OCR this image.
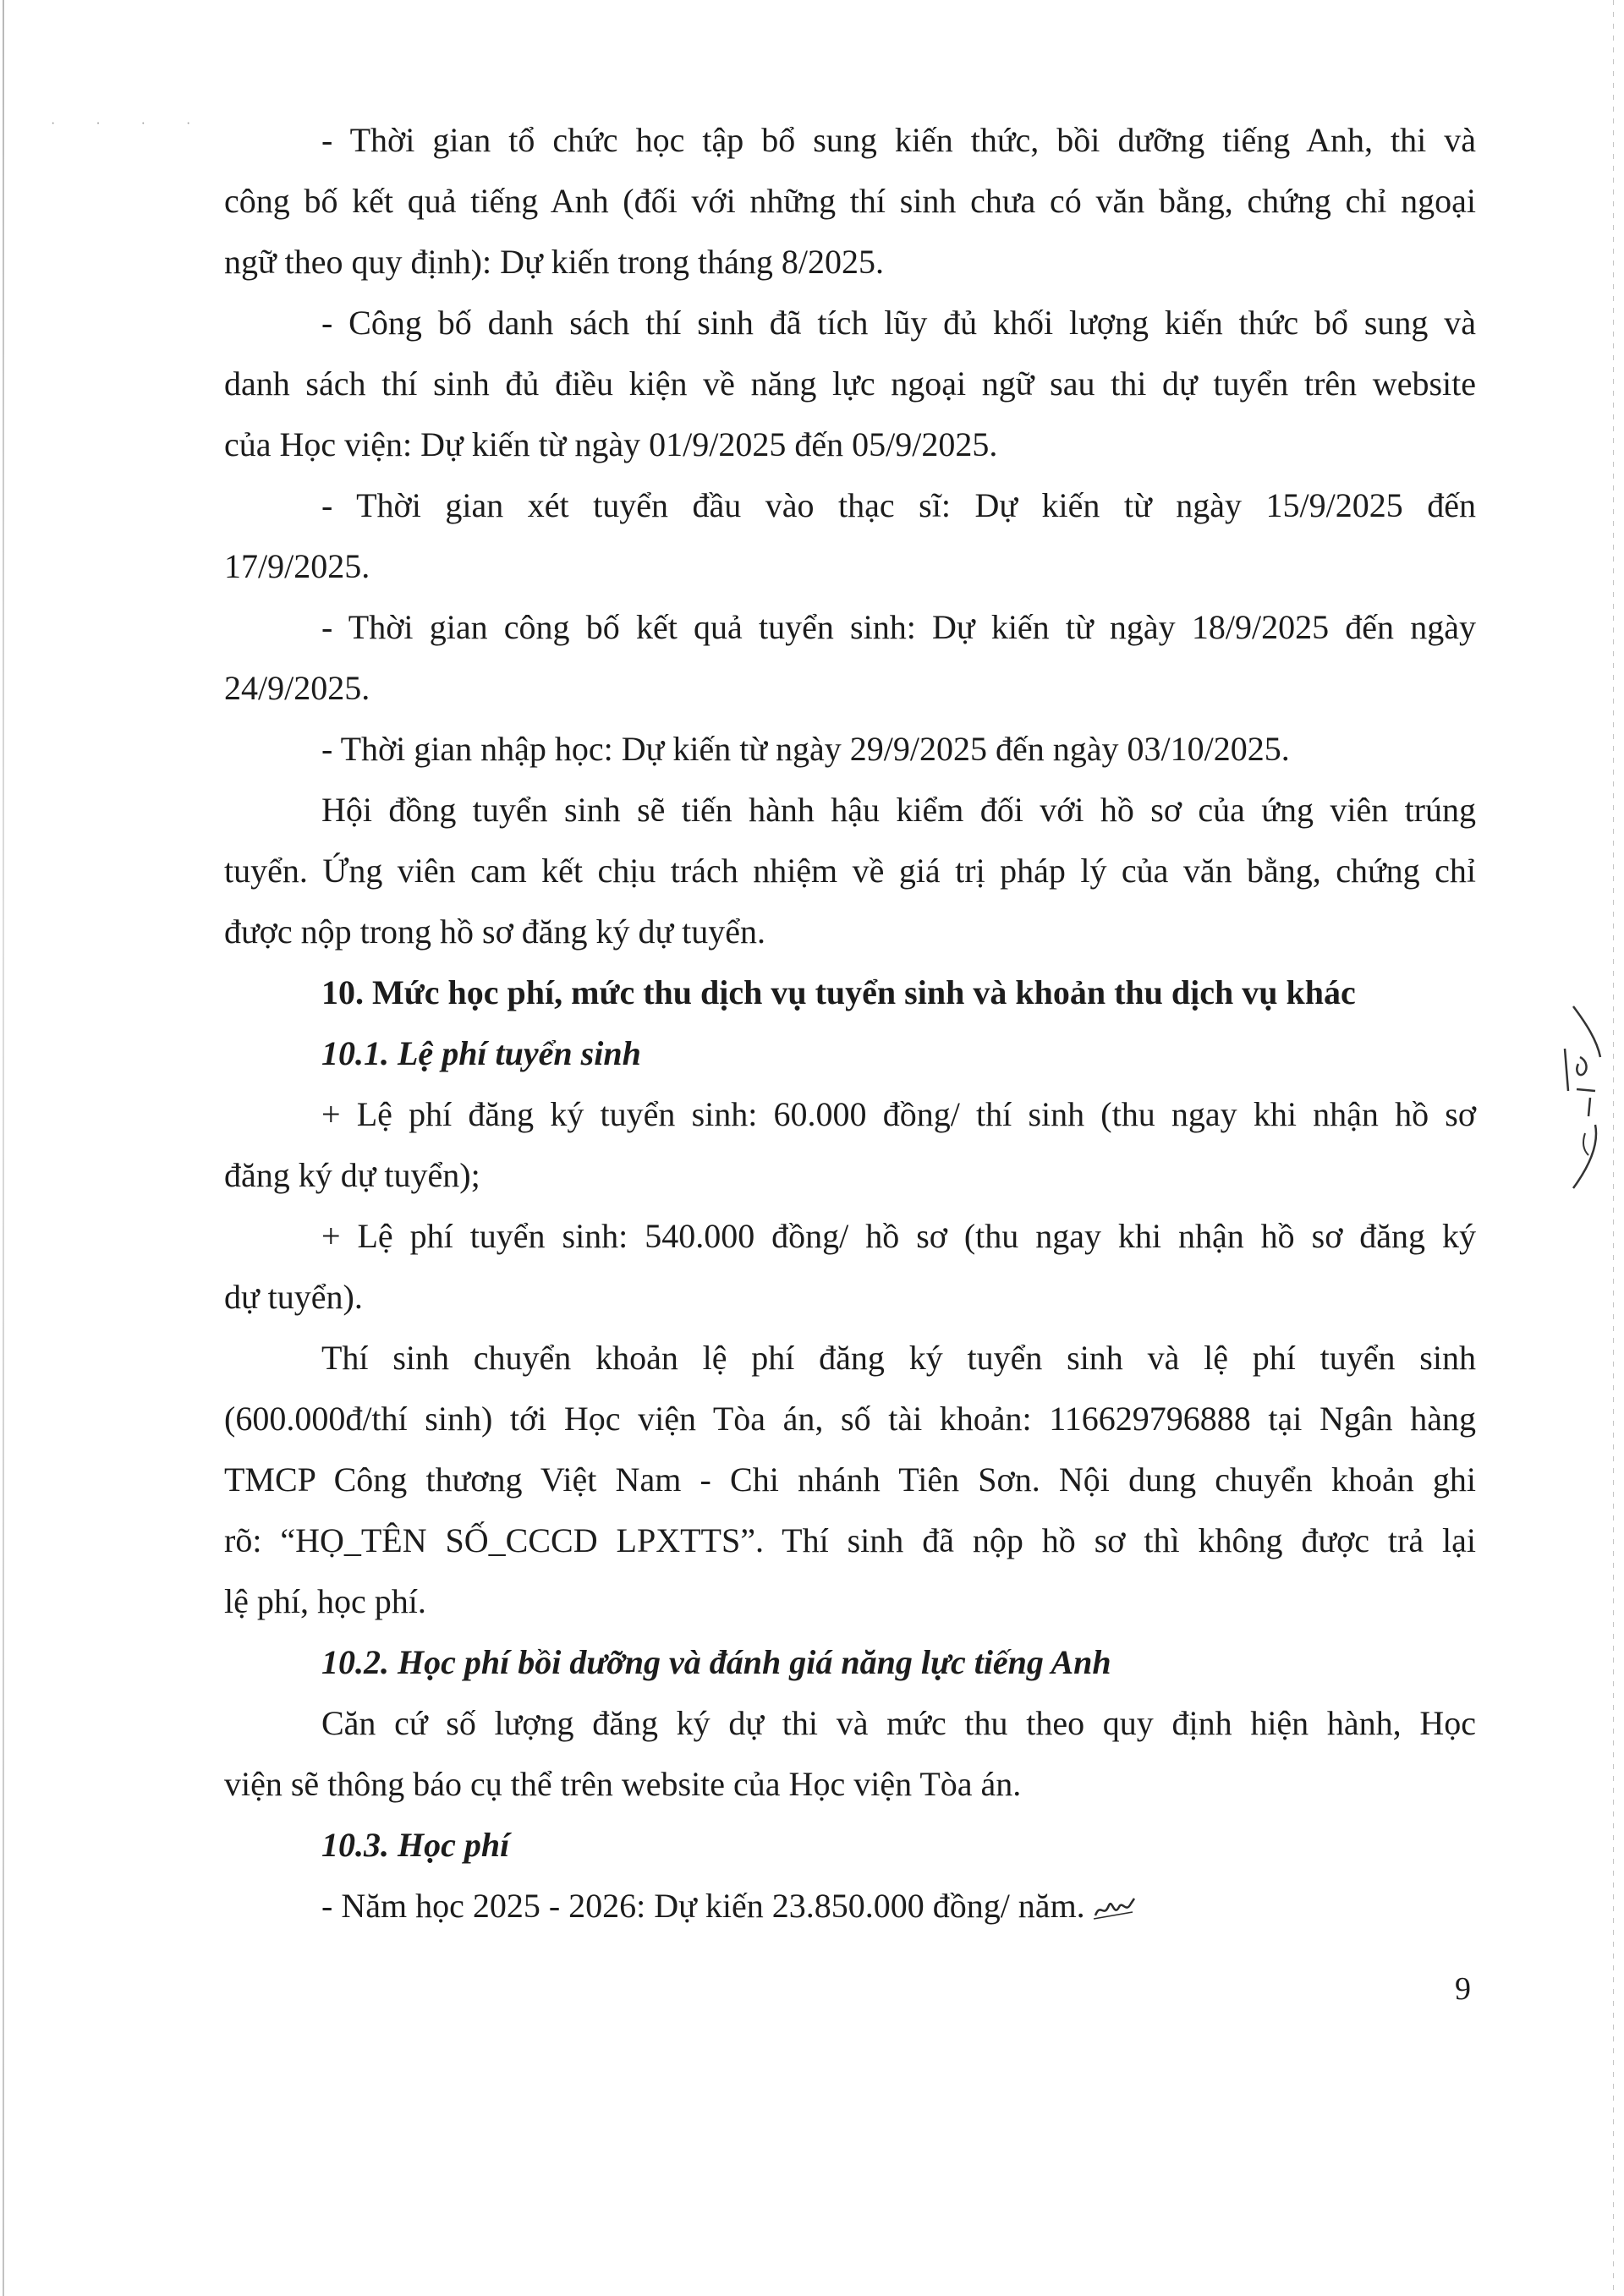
· · · ·	- Thời gian tổ chức học tập bổ sung kiến thức, bồi dưỡng tiếng Anh, thi và
công bố kết quả tiếng Anh (đối với những thí sinh chưa có văn bằng, chứng chỉ ngoại
ngữ theo quy định): Dự kiến trong tháng 8/2025.
- Công bố danh sách thí sinh đã tích lũy đủ khối lượng kiến thức bổ sung và
danh sách thí sinh đủ điều kiện về năng lực ngoại ngữ sau thi dự tuyển trên website
của Học viện: Dự kiến từ ngày 01/9/2025 đến 05/9/2025.
- Thời gian xét tuyển đầu vào thạc sĩ: Dự kiến từ ngày 15/9/2025 đến
17/9/2025.
- Thời gian công bố kết quả tuyển sinh: Dự kiến từ ngày 18/9/2025 đến ngày
24/9/2025.
- Thời gian nhập học: Dự kiến từ ngày 29/9/2025 đến ngày 03/10/2025.
Hội đồng tuyển sinh sẽ tiến hành hậu kiểm đối với hồ sơ của ứng viên trúng
tuyển. Ứng viên cam kết chịu trách nhiệm về giá trị pháp lý của văn bằng, chứng chỉ
được nộp trong hồ sơ đăng ký dự tuyển.
10. Mức học phí, mức thu dịch vụ tuyển sinh và khoản thu dịch vụ khác
10.1. Lệ phí tuyển sinh
+ Lệ phí đăng ký tuyển sinh: 60.000 đồng/ thí sinh (thu ngay khi nhận hồ sơ
đăng ký dự tuyển);
+ Lệ phí tuyển sinh: 540.000 đồng/ hồ sơ (thu ngay khi nhận hồ sơ đăng ký
dự tuyển).
Thí sinh chuyển khoản lệ phí đăng ký tuyển sinh và lệ phí tuyển sinh
(600.000đ/thí sinh) tới Học viện Tòa án, số tài khoản: 116629796888 tại Ngân hàng
TMCP Công thương Việt Nam - Chi nhánh Tiên Sơn. Nội dung chuyển khoản ghi
rõ: “HỌ_TÊN SỐ_CCCD LPXTTS”. Thí sinh đã nộp hồ sơ thì không được trả lại
lệ phí, học phí.
10.2. Học phí bồi dưỡng và đánh giá năng lực tiếng Anh
Căn cứ số lượng đăng ký dự thi và mức thu theo quy định hiện hành, Học
viện sẽ thông báo cụ thể trên website của Học viện Tòa án.
10.3. Học phí
- Năm học 2025 - 2026: Dự kiến 23.850.000 đồng/ năm.
9
